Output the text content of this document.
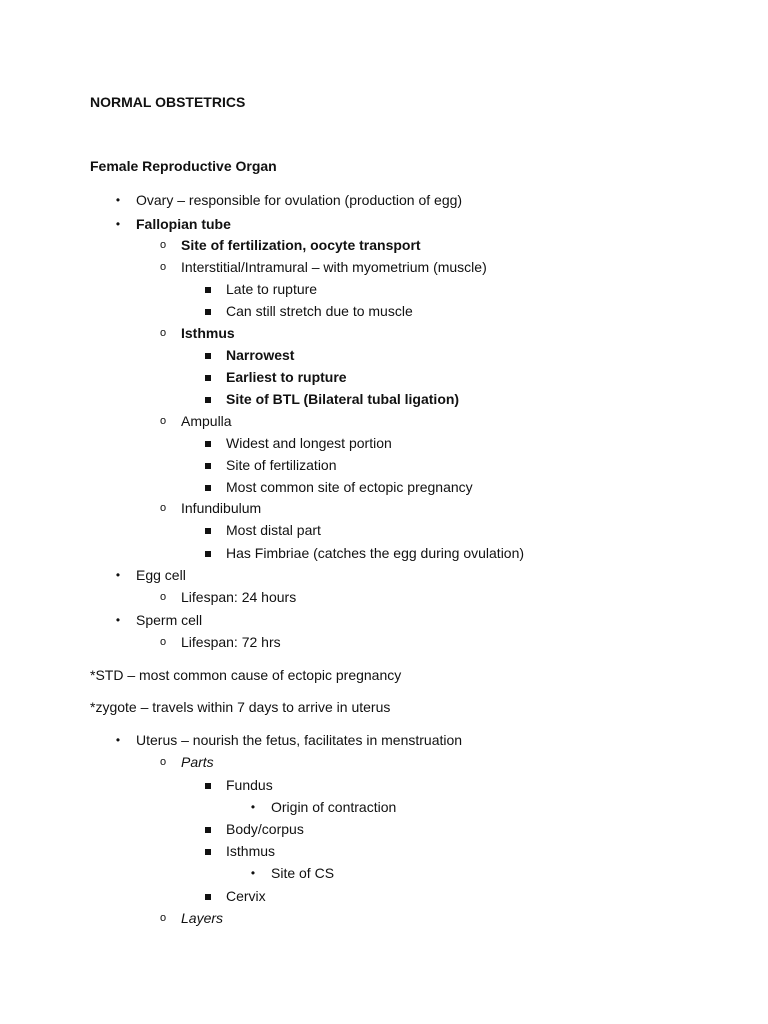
NORMAL OBSTETRICS
Female Reproductive Organ
• Ovary – responsible for ovulation (production of egg)
• Fallopian tube
o Site of fertilization, oocyte transport
o Interstitial/Intramural – with myometrium (muscle)
Late to rupture
Can still stretch due to muscle
o Isthmus
Narrowest
Earliest to rupture
Site of BTL (Bilateral tubal ligation)
o Ampulla
Widest and longest portion
Site of fertilization
Most common site of ectopic pregnancy
o Infundibulum
Most distal part
Has Fimbriae (catches the egg during ovulation)
• Egg cell
o Lifespan: 24 hours
• Sperm cell
o Lifespan: 72 hrs
*STD – most common cause of ectopic pregnancy
*zygote – travels within 7 days to arrive in uterus
• Uterus – nourish the fetus, facilitates in menstruation
o Parts
Fundus
• Origin of contraction
Body/corpus
Isthmus
• Site of CS
Cervix
o Layers
